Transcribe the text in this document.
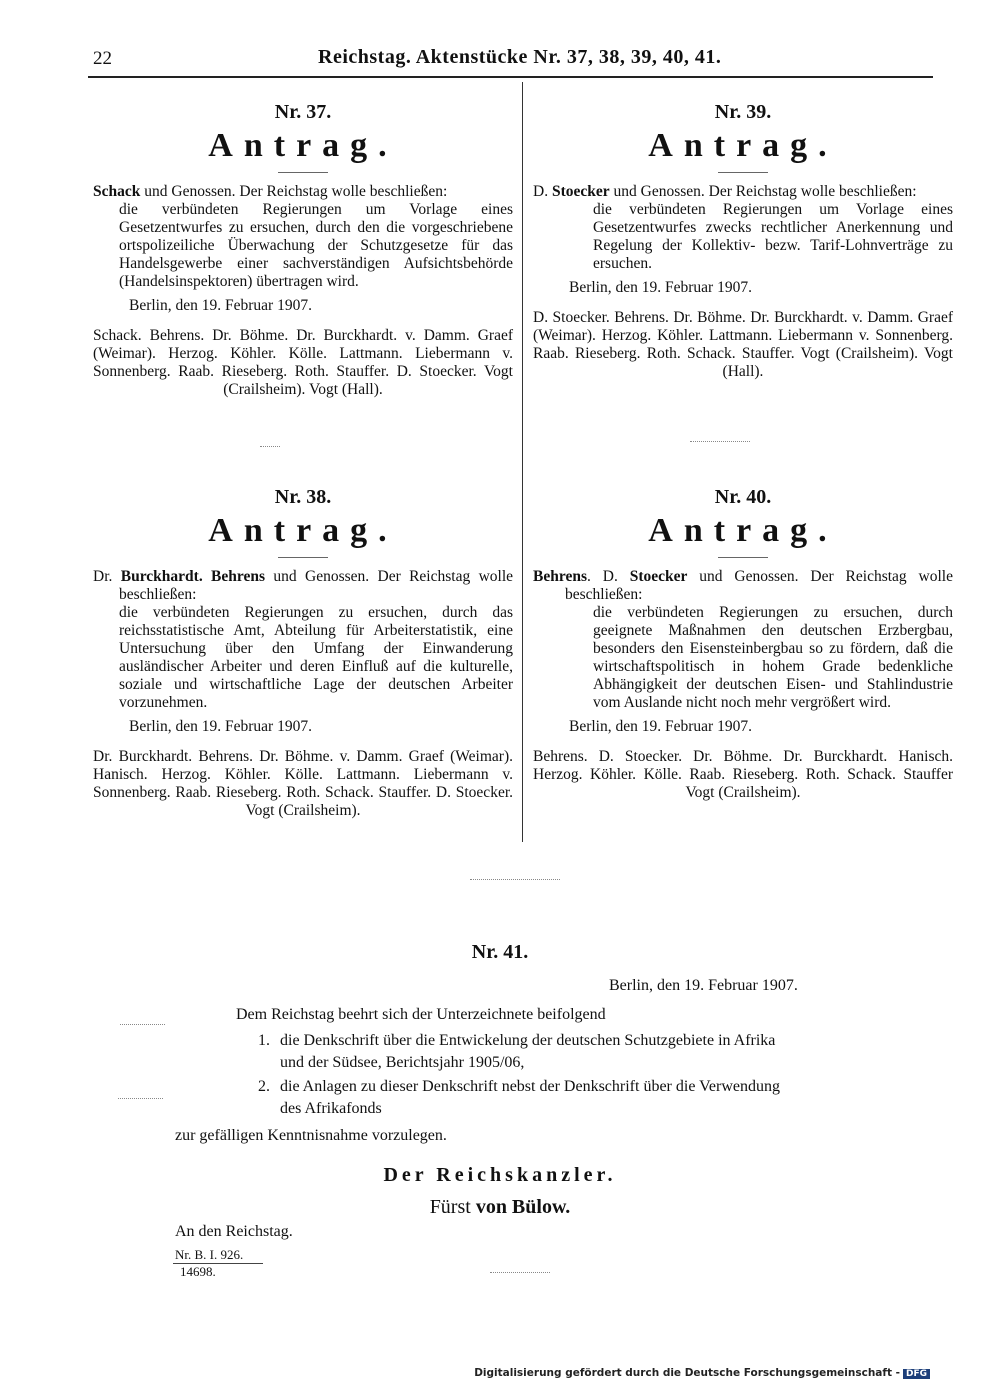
22	Reichstag. Aktenstücke Nr. 37, 38, 39, 40, 41.

Nr. 37.

Antrag.

Schack und Genossen. Der Reichstag wolle beschließen:

die verbündeten Regierungen um Vorlage eines Gesetzentwurfes zu ersuchen, durch den die vorgeschriebene ortspolizeiliche Überwachung der Schutzgesetze für das Handelsgewerbe einer sachverständigen Aufsichtsbehörde (Handelsinspektoren) übertragen wird.

Berlin, den 19. Februar 1907.

Schack. Behrens. Dr. Böhme. Dr. Burckhardt. v. Damm. Graef (Weimar). Herzog. Köhler. Kölle. Lattmann. Liebermann v. Sonnenberg. Raab. Rieseberg. Roth. Stauffer. D. Stoecker. Vogt (Crailsheim). Vogt (Hall).

Nr. 39.

Antrag.

D. Stoecker und Genossen. Der Reichstag wolle beschließen:

die verbündeten Regierungen um Vorlage eines Gesetzentwurfes zwecks rechtlicher Anerkennung und Regelung der Kollektiv- bezw. Tarif-Lohnverträge zu ersuchen.

Berlin, den 19. Februar 1907.

D. Stoecker. Behrens. Dr. Böhme. Dr. Burckhardt. v. Damm. Graef (Weimar). Herzog. Köhler. Lattmann. Liebermann v. Sonnenberg. Raab. Rieseberg. Roth. Schack. Stauffer. Vogt (Crailsheim). Vogt (Hall).

Nr. 38.

Antrag.

Dr. Burckhardt. Behrens und Genossen. Der Reichstag wolle beschließen:

die verbündeten Regierungen zu ersuchen, durch das reichsstatistische Amt, Abteilung für Arbeiterstatistik, eine Untersuchung über den Umfang der Einwanderung ausländischer Arbeiter und deren Einfluß auf die kulturelle, soziale und wirtschaftliche Lage der deutschen Arbeiter vorzunehmen.

Berlin, den 19. Februar 1907.

Dr. Burckhardt. Behrens. Dr. Böhme. v. Damm. Graef (Weimar). Hanisch. Herzog. Köhler. Kölle. Lattmann. Liebermann v. Sonnenberg. Raab. Rieseberg. Roth. Schack. Stauffer. D. Stoecker. Vogt (Crailsheim).

Nr. 40.

Antrag.

Behrens. D. Stoecker und Genossen. Der Reichstag wolle beschließen:

die verbündeten Regierungen zu ersuchen, durch geeignete Maßnahmen den deutschen Erzbergbau, besonders den Eisensteinbergbau so zu fördern, daß die wirtschaftspolitisch in hohem Grade bedenkliche Abhängigkeit der deutschen Eisen- und Stahlindustrie vom Auslande nicht noch mehr vergrößert wird.

Berlin, den 19. Februar 1907.

Behrens. D. Stoecker. Dr. Böhme. Dr. Burckhardt. Hanisch. Herzog. Köhler. Kölle. Raab. Rieseberg. Roth. Schack. Stauffer Vogt (Crailsheim).

Nr. 41.
Berlin, den 19. Februar 1907.
Dem Reichstag beehrt sich der Unterzeichnete beifolgend
1. die Denkschrift über die Entwickelung der deutschen Schutzgebiete in Afrika
und der Südsee, Berichtsjahr 1905/06,
2. die Anlagen zu dieser Denkschrift nebst der Denkschrift über die Verwendung
des Afrikafonds
zur gefälligen Kenntnisnahme vorzulegen.
Der Reichskanzler.
Fürst von Bülow.
An den Reichstag.
Nr. B. I. 926.
14698.
Digitalisierung gefördert durch die Deutsche Forschungsgemeinschaft - DFG
